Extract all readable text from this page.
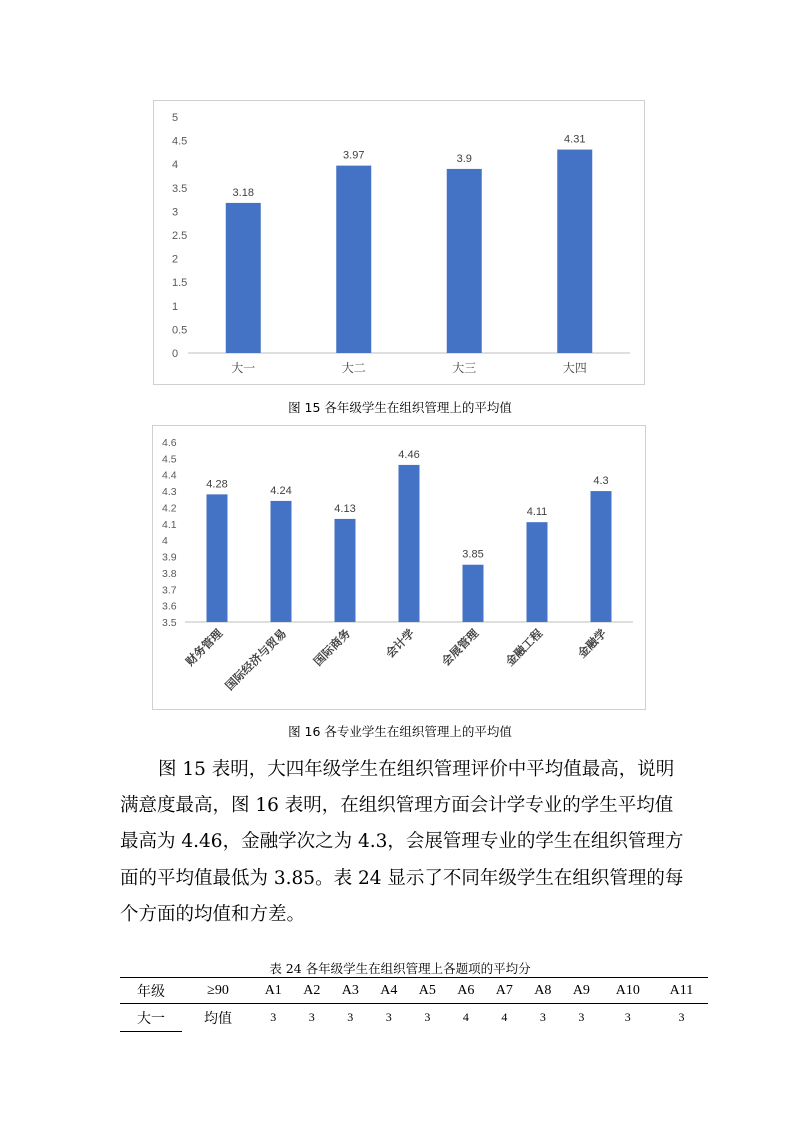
0
0.5
1
1.5
2
2.5
3
3.5
4
4.5
5
3.18
大一
3.97
大二
3.9
大三
4.31
大四
图 15 各年级学生在组织管理上的平均值
3.5
3.6
3.7
3.8
3.9
4
4.1
4.2
4.3
4.4
4.5
4.6
4.28
财务管理
4.24
国际经济与贸易
4.13
国际商务
4.46
会计学
3.85
会展管理
4.11
金融工程
4.3
金融学
图 16 各专业学生在组织管理上的平均值
图 15 表明，大四年级学生在组织管理评价中平均值最高，说明
满意度最高，图 16 表明，在组织管理方面会计学专业的学生平均值
最高为 4.46，金融学次之为 4.3，会展管理专业的学生在组织管理方
面的平均值最低为 3.85。表 24 显示了不同年级学生在组织管理的每
个方面的均值和方差。
表 24 各年级学生在组织管理上各题项的平均分
年级	≥90	A1	A2	A3	A4	A5	A6	A7	A8	A9	A10	A11
大一	均值	3	3	3	3	3	4	4	3	3	3	3
